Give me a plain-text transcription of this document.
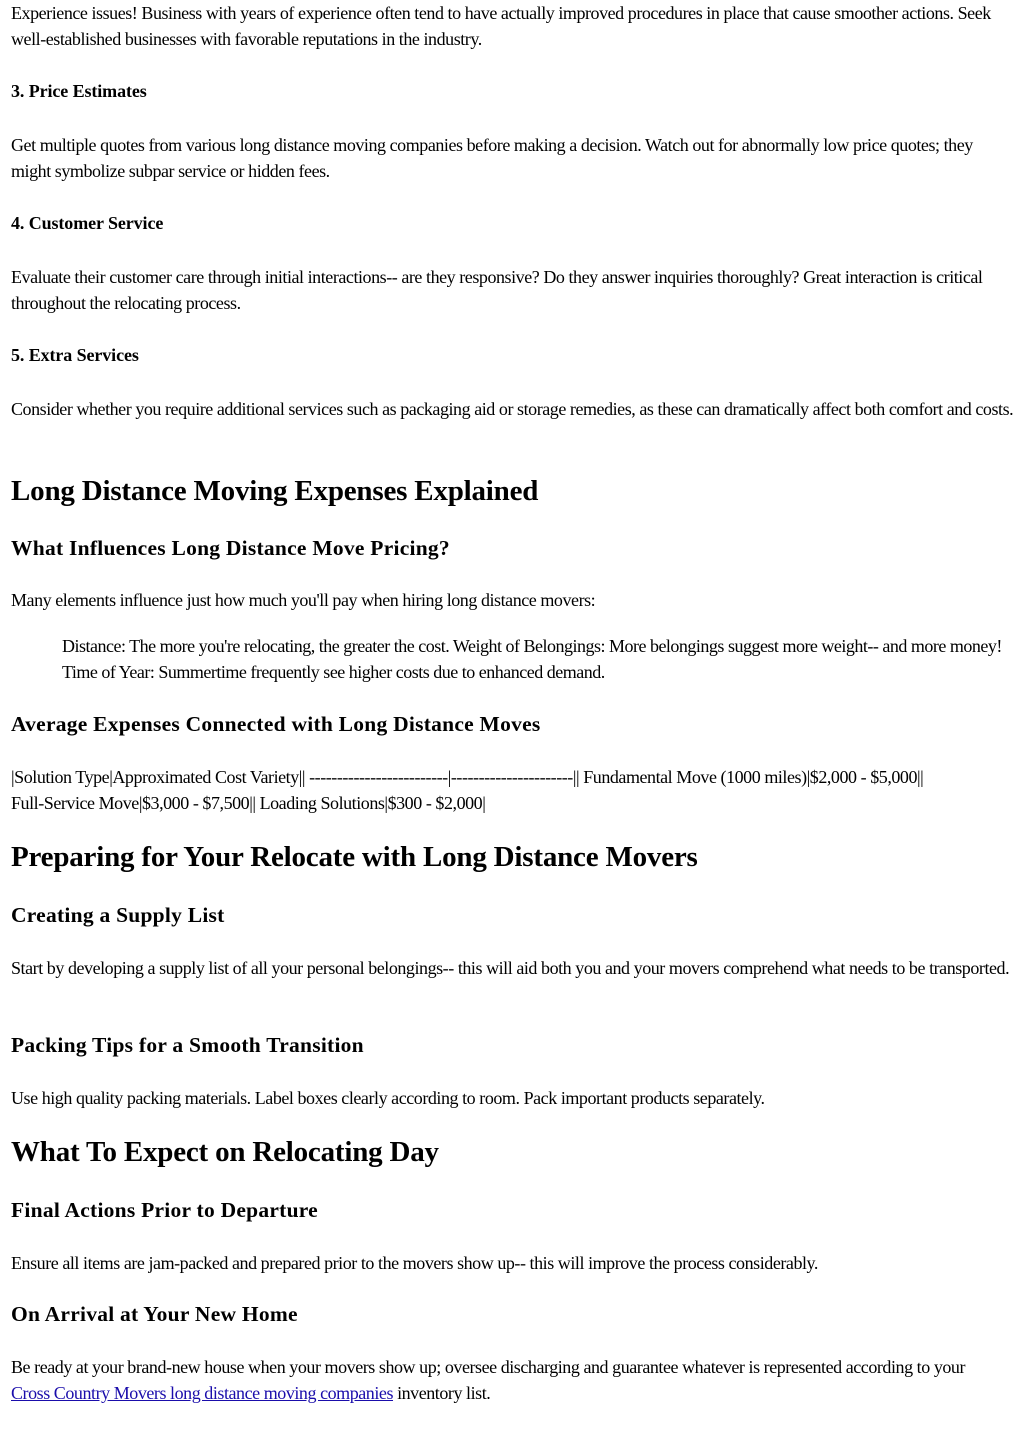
Experience issues! Business with years of experience often tend to have actually improved procedures in place that cause smoother actions. Seek well-established businesses with favorable reputations in the industry.

3. Price Estimates

Get multiple quotes from various long distance moving companies before making a decision. Watch out for abnormally low price quotes; they might symbolize subpar service or hidden fees.

4. Customer Service

Evaluate their customer care through initial interactions-- are they responsive? Do they answer inquiries thoroughly? Great interaction is critical throughout the relocating process.

5. Extra Services

Consider whether you require additional services such as packaging aid or storage remedies, as these can dramatically affect both comfort and costs.

Long Distance Moving Expenses Explained
What Influences Long Distance Move Pricing?

Many elements influence just how much you'll pay when hiring long distance movers:

Distance: The more you're relocating, the greater the cost. Weight of Belongings: More belongings suggest more weight-- and more money! Time of Year: Summertime frequently see higher costs due to enhanced demand.
Average Expenses Connected with Long Distance Moves

|Solution Type|Approximated Cost Variety|| -------------------------|----------------------|| Fundamental Move (1000 miles)|$2,000 - $5,000|| Full-Service Move|$3,000 - $7,500|| Loading Solutions|$300 - $2,000|

Preparing for Your Relocate with Long Distance Movers
Creating a Supply List

Start by developing a supply list of all your personal belongings-- this will aid both you and your movers comprehend what needs to be transported.

Packing Tips for a Smooth Transition

Use high quality packing materials. Label boxes clearly according to room. Pack important products separately.

What To Expect on Relocating Day
Final Actions Prior to Departure

Ensure all items are jam-packed and prepared prior to the movers show up-- this will improve the process considerably.

On Arrival at Your New Home

Be ready at your brand-new house when your movers show up; oversee discharging and guarantee whatever is represented according to your Cross Country Movers long distance moving companies inventory list.
